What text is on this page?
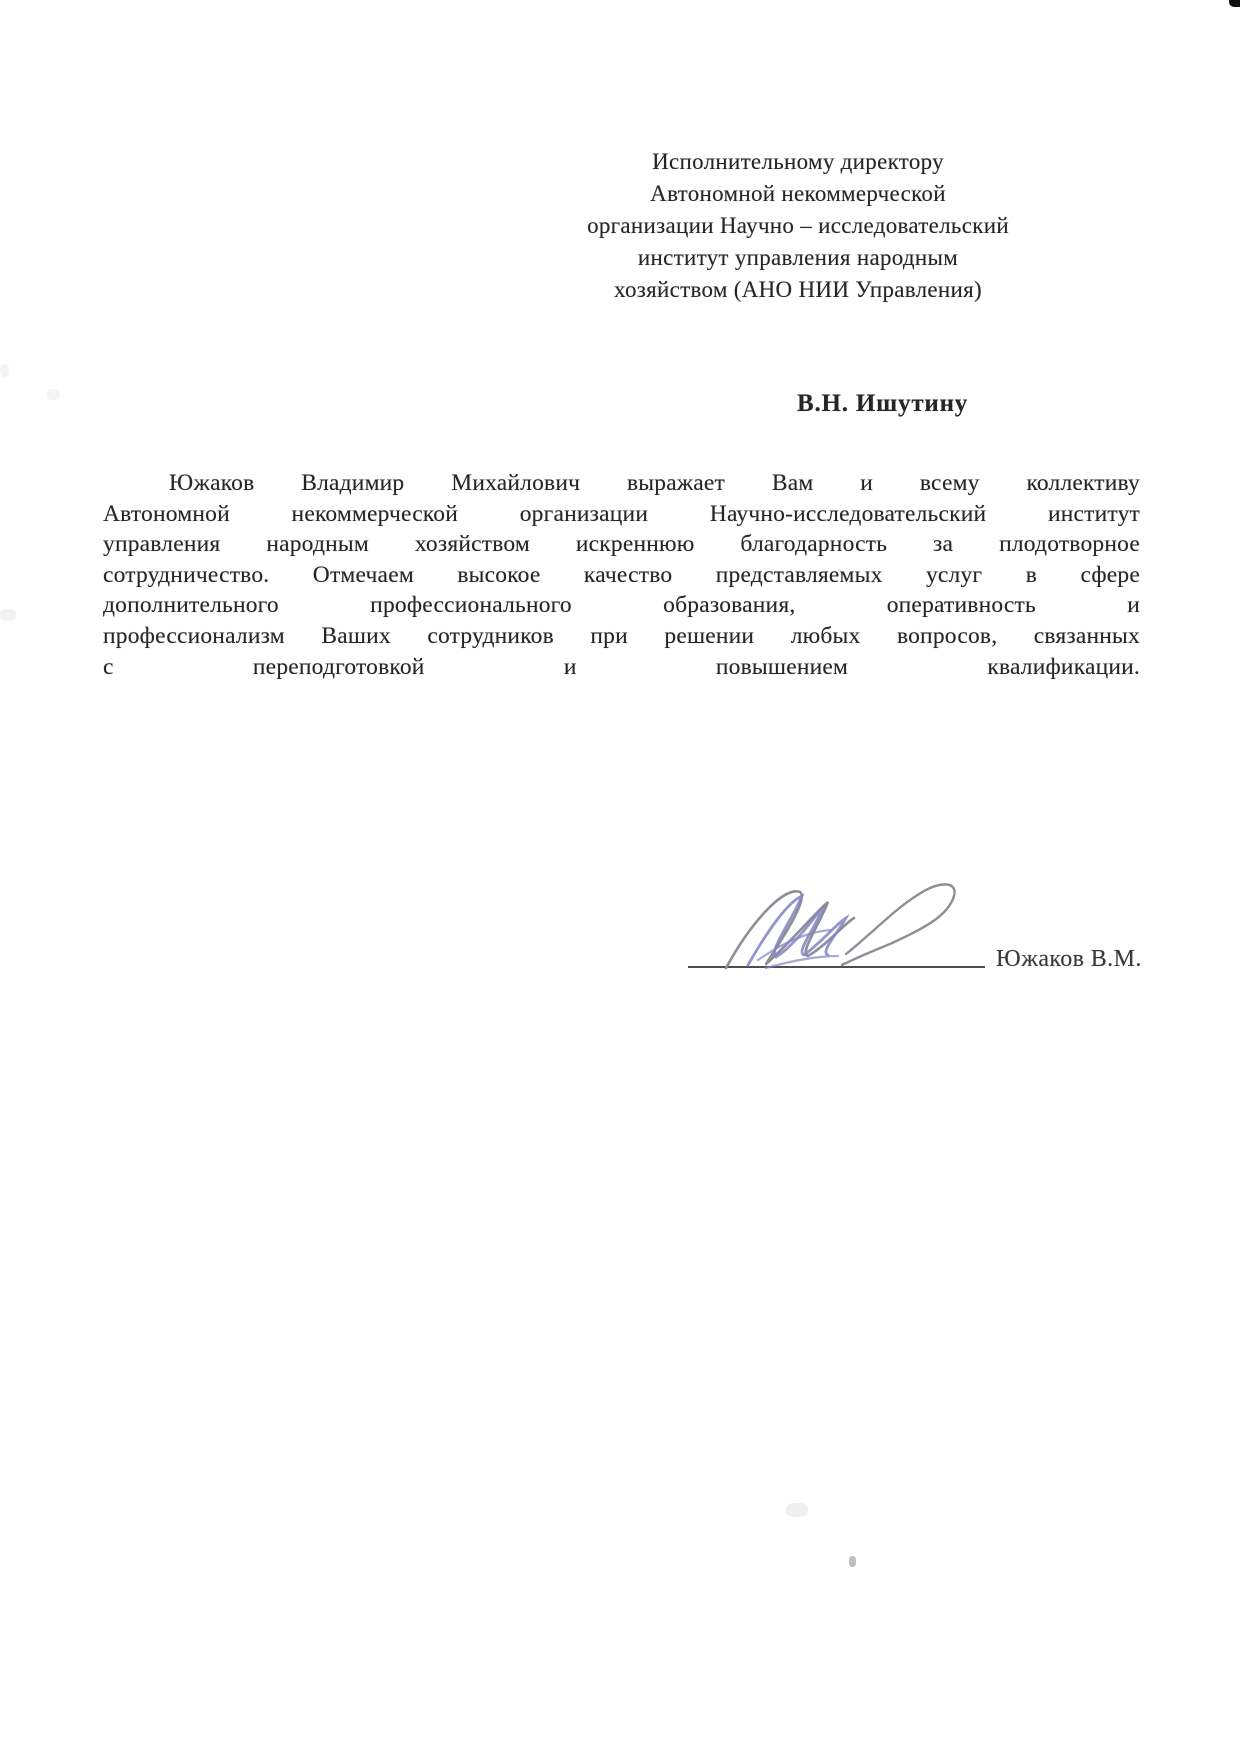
Исполнительному директору
Автономной некоммерческой
организации Научно – исследовательский
институт управления народным
хозяйством (АНО НИИ Управления)
В.Н. Ишутину
Южаков Владимир Михайлович выражает Вам и всему коллективу
Автономной некоммерческой организации Научно-исследовательский институт
управления народным хозяйством искреннюю благодарность за плодотворное
сотрудничество. Отмечаем высокое качество представляемых услуг в сфере
дополнительного профессионального образования, оперативность и
профессионализм Ваших сотрудников при решении любых вопросов, связанных
с переподготовкой и повышением квалификации.
Южаков В.М.
